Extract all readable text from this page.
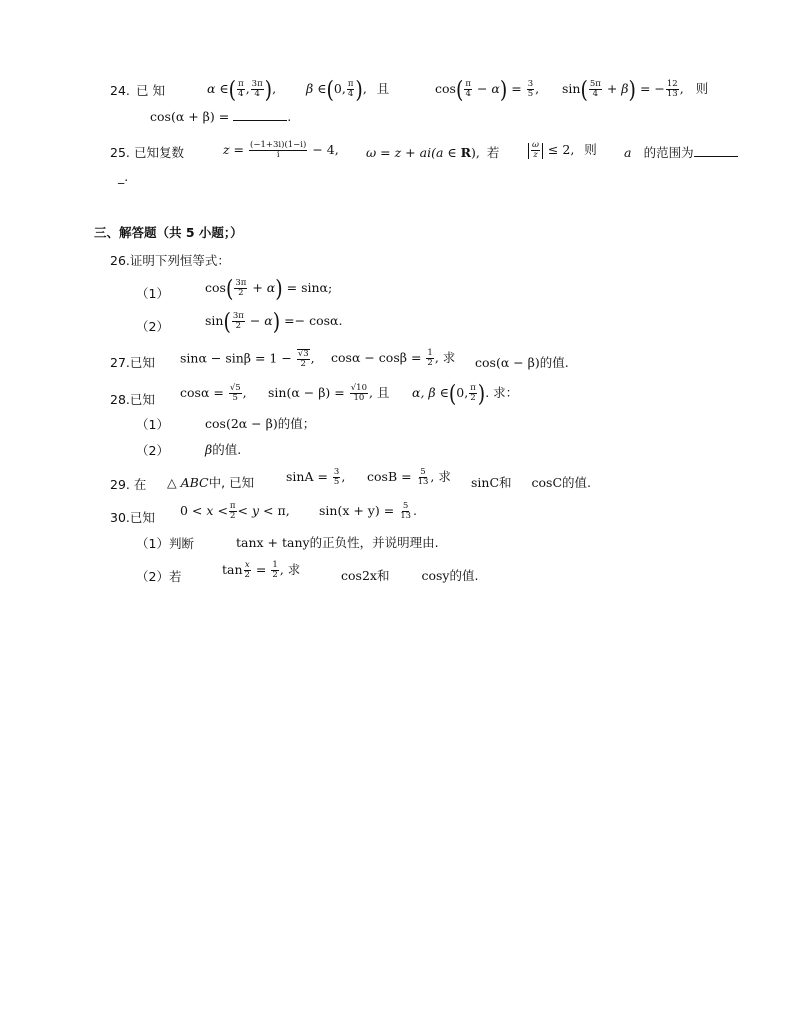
24. 已 知	α ∈( $\frac{\pi}{4}$ , $\frac{3\pi}{4}$ ), β ∈(0, $\frac{\pi}{4}$ ), 且	$\cos( \frac{\pi}{4} - \alpha) = \frac{3}{5}$ , $\sin( \frac{5\pi}{4} + \beta)$ = − $\frac{12}{13}$ , 则
cos(α + β) =	.
25. 已知复数	$z = \frac{(-1+3i)(1-i)}{i} - 4$, ω = z + ai(a ∈ R), 若	$\frac{\omega}{z} \le 2$, 则 a 的范围为
_.
三、解答题（共 5 小题；）
26.证明下列恒等式：
（1）	$\cos( \frac{3\pi}{2} + \alpha) = \sin\alpha$;
（2）	$\sin( \frac{3\pi}{2} - \alpha) =- \cos\alpha$.
27.已知 $\sin\alpha - \sin\beta = 1 - \frac{√3}{2}$ , $\cos\alpha - \cos\beta = \frac{1}{2}$ , 求 cos(α − β)的值.
28.已知 $\cos\alpha = \frac{√5}{5}$ , $\sin(\alpha - \beta) = \frac{√10}{10}$ , 且 α, β ∈(0, $\frac{\pi}{2}$ ). 求：
（1）	cos(2α − β)的值；
（2）	β的值.
29. 在 △ ABC中, 已知	$\sin A = \frac{3}{5}$ , $\cos B = \frac{5}{13}$ , 求 sinC和 cosC的值.
30.已知 $0 < x < \frac{\pi}{2} < y < \pi$, $\sin(x + y) = \frac{5}{13}$ .
（1）判断	tanx + tany的正负性，并说明理由.
（2）若	$\tan \frac{x}{2} = \frac{1}{2}$ , 求	cos2x和	cosy的值.
